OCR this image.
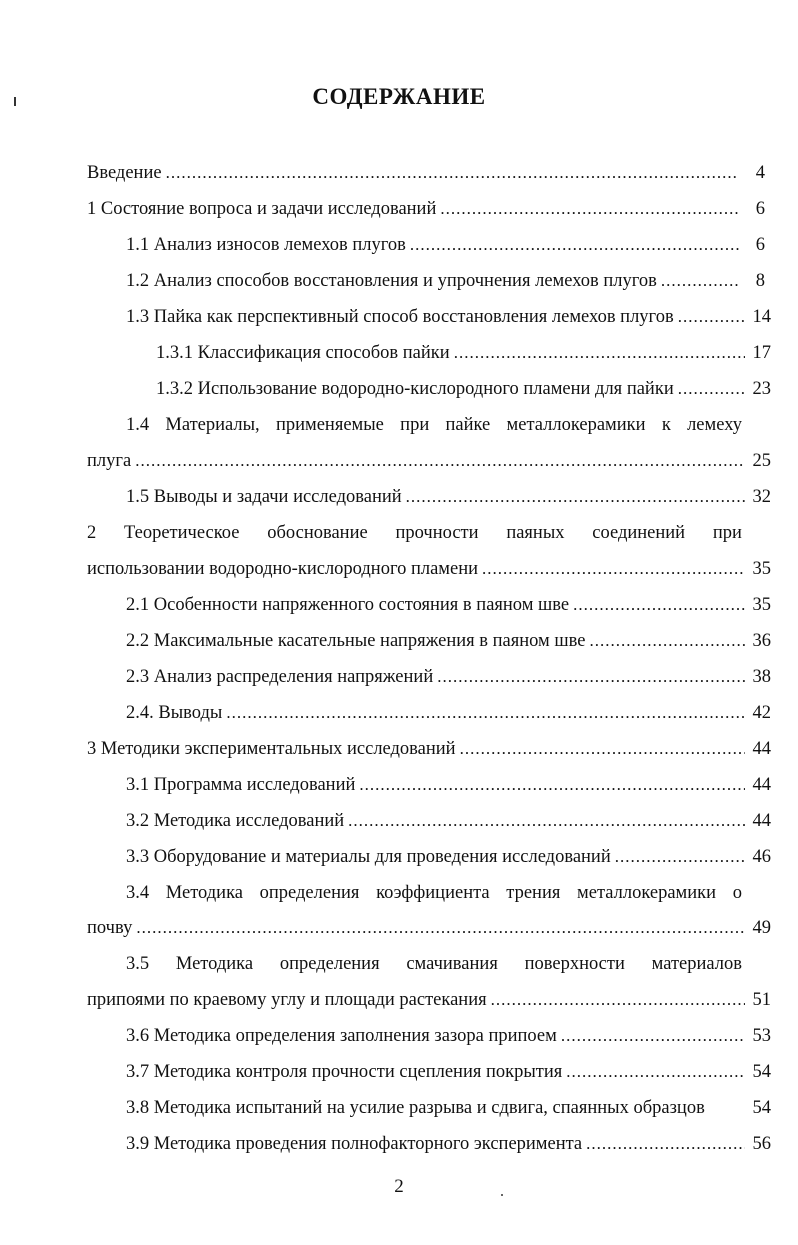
СОДЕРЖАНИЕ
Введение .....	4
1 Состояние вопроса и задачи исследований .....	6
1.1 Анализ износов лемехов плугов .....	6
1.2 Анализ способов восстановления и упрочнения лемехов плугов .....	8
1.3 Пайка как перспективный способ восстановления лемехов плугов .....	14
1.3.1 Классификация способов пайки .....	17
1.3.2 Использование водородно-кислородного пламени для пайки .....	23
1.4 Материалы, применяемые при пайке металлокерамики к лемеху
плуга .....	25
1.5 Выводы и задачи исследований .....	32
2 Теоретическое обоснование прочности паяных соединений при
использовании водородно-кислородного пламени .....	35
2.1 Особенности напряженного состояния в паяном шве .....	35
2.2 Максимальные касательные напряжения в паяном шве .....	36
2.3 Анализ распределения напряжений .....	38
2.4. Выводы .....	42
3 Методики экспериментальных исследований .....	44
3.1 Программа исследований .....	44
3.2 Методика исследований .....	44
3.3 Оборудование и материалы для проведения исследований .....	46
3.4 Методика определения коэффициента трения металлокерамики о
почву .....	49
3.5 Методика определения смачивания поверхности материалов
припоями по краевому углу и площади растекания .....	51
3.6 Методика определения заполнения зазора припоем .....	53
3.7 Методика контроля прочности сцепления покрытия .....	54
3.8 Методика испытаний на усилие разрыва и сдвига, спаянных образцов	54
3.9 Методика проведения полнофакторного эксперимента .....	56
2
